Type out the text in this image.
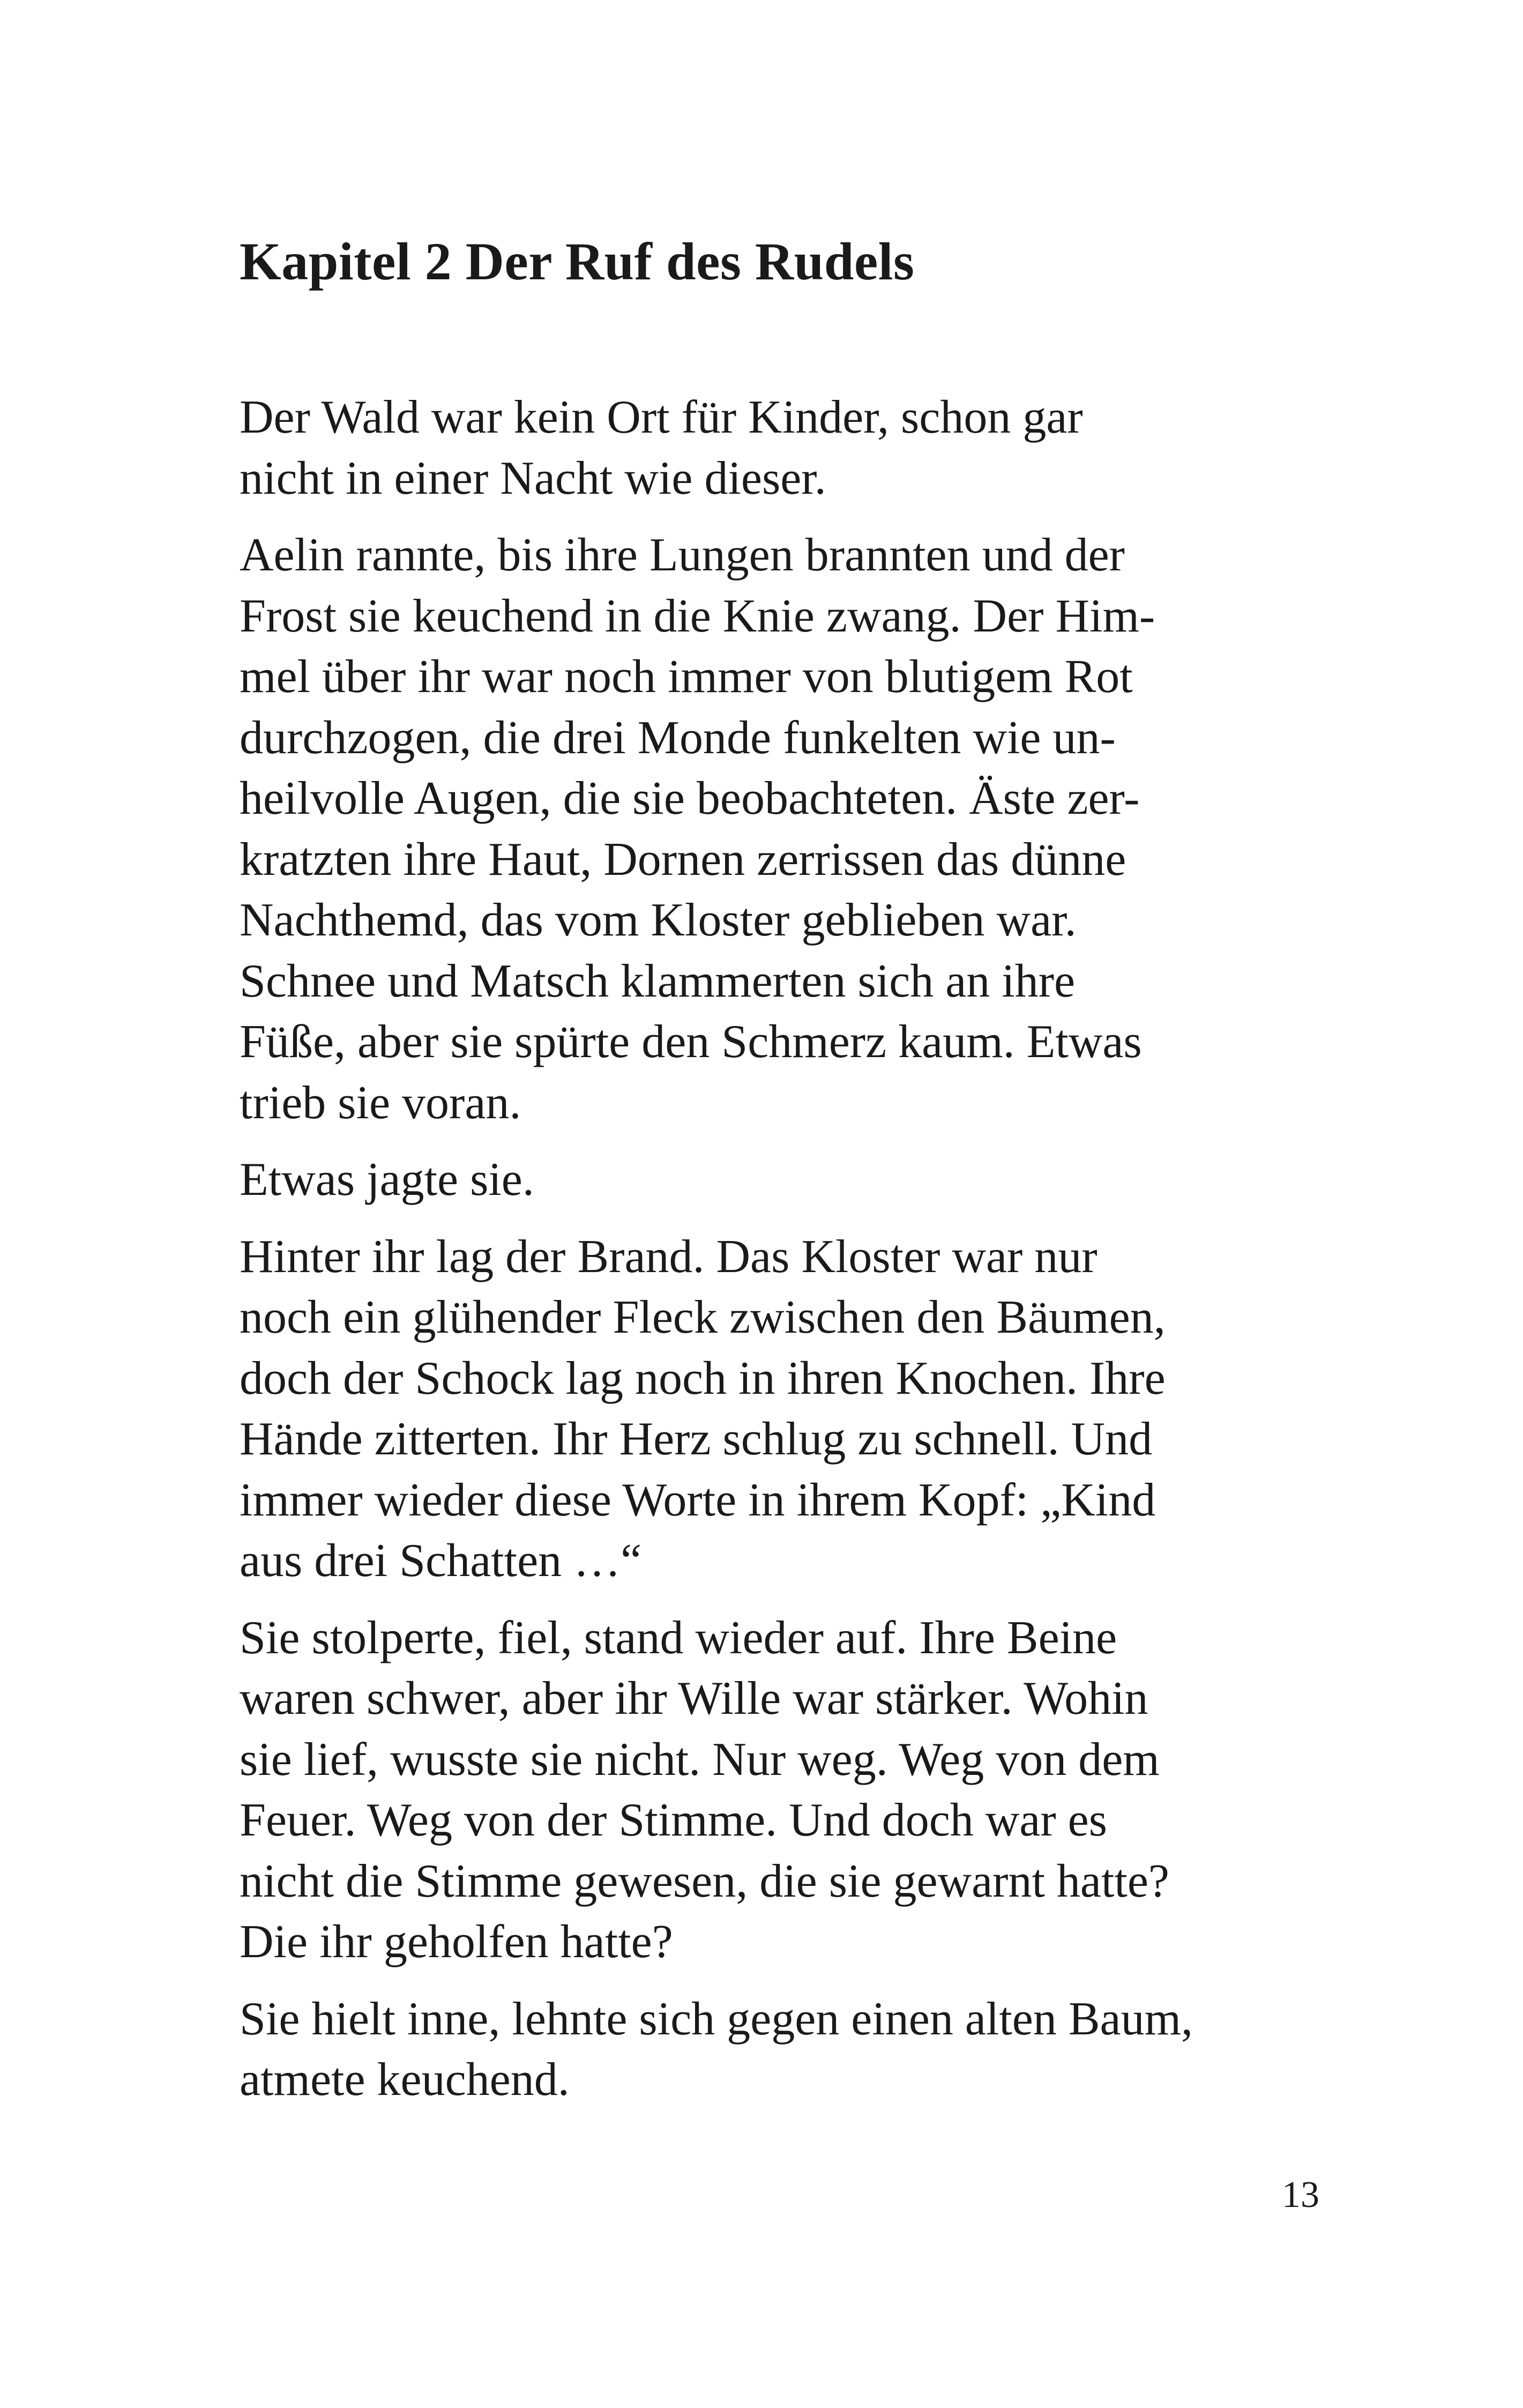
Kapitel 2 Der Ruf des Rudels

Der Wald war kein Ort für Kinder, schon gar
nicht in einer Nacht wie dieser.

Aelin rannte, bis ihre Lungen brannten und der
Frost sie keuchend in die Knie zwang. Der Him-
mel über ihr war noch immer von blutigem Rot
durchzogen, die drei Monde funkelten wie un-
heilvolle Augen, die sie beobachteten. Äste zer-
kratzten ihre Haut, Dornen zerrissen das dünne
Nachthemd, das vom Kloster geblieben war.
Schnee und Matsch klammerten sich an ihre
Füße, aber sie spürte den Schmerz kaum. Etwas
trieb sie voran.

Etwas jagte sie.

Hinter ihr lag der Brand. Das Kloster war nur
noch ein glühender Fleck zwischen den Bäumen,
doch der Schock lag noch in ihren Knochen. Ihre
Hände zitterten. Ihr Herz schlug zu schnell. Und
immer wieder diese Worte in ihrem Kopf: „Kind
aus drei Schatten …“

Sie stolperte, fiel, stand wieder auf. Ihre Beine
waren schwer, aber ihr Wille war stärker. Wohin
sie lief, wusste sie nicht. Nur weg. Weg von dem
Feuer. Weg von der Stimme. Und doch war es
nicht die Stimme gewesen, die sie gewarnt hatte?
Die ihr geholfen hatte?

Sie hielt inne, lehnte sich gegen einen alten Baum,
atmete keuchend.

13
